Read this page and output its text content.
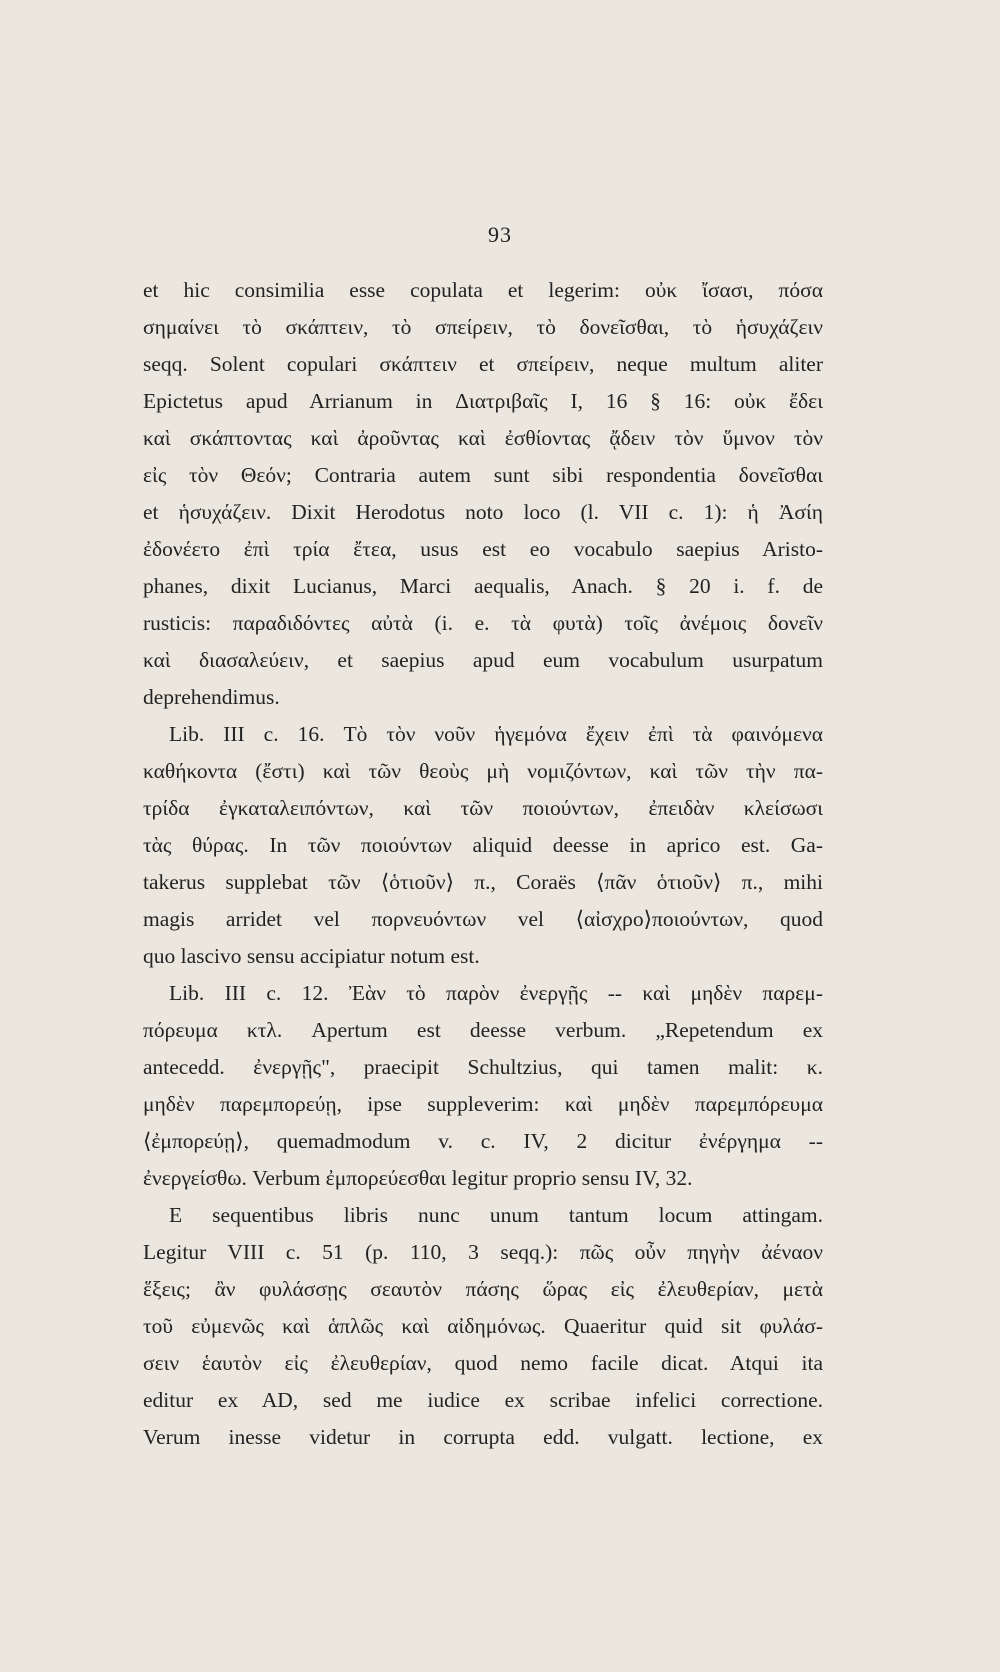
93
et hic consimilia esse copulata et legerim: οὐκ ἴσασι, πόσα
σημαίνει τὸ σκάπτειν, τὸ σπείρειν, τὸ δονεῖσθαι, τὸ ἡσυχάζειν
seqq. Solent copulari σκάπτειν et σπείρειν, neque multum aliter
Epictetus apud Arrianum in Διατριβαῖς I, 16 § 16: οὐκ ἔδει
καὶ σκάπτοντας καὶ ἀροῦντας καὶ ἐσθίοντας ᾄδειν τὸν ὕμνον τὸν
εἰς τὸν Θεόν; Contraria autem sunt sibi respondentia δονεῖσθαι
et ἡσυχάζειν. Dixit Herodotus noto loco (l. VII c. 1): ἡ Ἀσίη
ἐδονέετο ἐπὶ τρία ἔτεα, usus est eo vocabulo saepius Aristo-
phanes, dixit Lucianus, Marci aequalis, Anach. § 20 i. f. de
rusticis: παραδιδόντες αὐτὰ (i. e. τὰ φυτὰ) τοῖς ἀνέμοις δονεῖν
καὶ διασαλεύειν, et saepius apud eum vocabulum usurpatum
deprehendimus.
Lib. III c. 16. Τὸ τὸν νοῦν ἡγεμόνα ἔχειν ἐπὶ τὰ φαινόμενα
καθήκοντα (ἔστι) καὶ τῶν θεοὺς μὴ νομιζόντων, καὶ τῶν τὴν πα-
τρίδα ἐγκαταλειπόντων, καὶ τῶν ποιούντων, ἐπειδὰν κλείσωσι
τὰς θύρας. In τῶν ποιούντων aliquid deesse in aprico est. Ga-
takerus supplebat τῶν ⟨ὁτιοῦν⟩ π., Coraës ⟨πᾶν ὁτιοῦν⟩ π., mihi
magis arridet vel πορνευόντων vel ⟨αἰσχρο⟩ποιούντων, quod
quo lascivo sensu accipiatur notum est.
Lib. III c. 12. Ἐὰν τὸ παρὸν ἐνεργῇς -- καὶ μηδὲν παρεμ-
πόρευμα κτλ. Apertum est deesse verbum. „Repetendum ex
antecedd. ἐνεργῇς", praecipit Schultzius, qui tamen malit: κ.
μηδὲν παρεμπορεύῃ, ipse suppleverim: καὶ μηδὲν παρεμπόρευμα
⟨ἐμπορεύῃ⟩, quemadmodum v. c. IV, 2 dicitur ἐνέργημα --
ἐνεργείσθω. Verbum ἐμπορεύεσθαι legitur proprio sensu IV, 32.
E sequentibus libris nunc unum tantum locum attingam.
Legitur VIII c. 51 (p. 110, 3 seqq.): πῶς οὖν πηγὴν ἀέναον
ἕξεις; ἂν φυλάσσῃς σεαυτὸν πάσης ὥρας εἰς ἐλευθερίαν, μετὰ
τοῦ εὐμενῶς καὶ ἁπλῶς καὶ αἰδημόνως. Quaeritur quid sit φυλάσ-
σειν ἑαυτὸν εἰς ἐλευθερίαν, quod nemo facile dicat. Atqui ita
editur ex AD, sed me iudice ex scribae infelici correctione.
Verum inesse videtur in corrupta edd. vulgatt. lectione, ex
